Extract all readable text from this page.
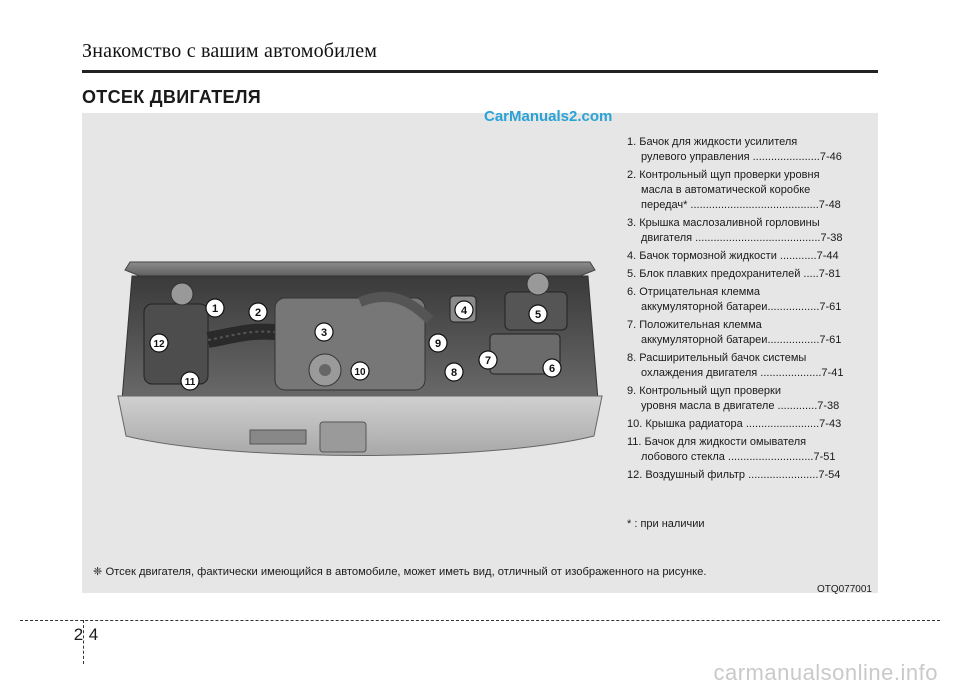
Знакомство с вашим автомобилем
ОТСЕК ДВИГАТЕЛЯ
CarManuals2.com
1	2
3
4	5
6
7
8
9
10
11
12
1. Бачок для жидкости усилителя
рулевого управления ......................7-46
2. Контрольный щуп проверки уровня
масла в автоматической коробке
передач* ..........................................7-48
3. Крышка маслозаливной горловины
двигателя .........................................7-38
4. Бачок тормозной жидкости ............7-44
5. Блок плавких предохранителей .....7-81
6. Отрицательная клемма
аккумуляторной батареи.................7-61
7. Положительная клемма
аккумуляторной батареи.................7-61
8. Расширительный бачок системы
охлаждения двигателя ....................7-41
9. Контрольный щуп проверки
уровня масла в двигателе .............7-38
10. Крышка радиатора ........................7-43
11. Бачок для жидкости омывателя
лобового стекла ............................7-51
12. Воздушный фильтр .......................7-54
* : при наличии
❈ Отсек двигателя, фактически имеющийся в автомобиле, может иметь вид, отличный от изображенного на рисунке.
OTQ077001
2 4
carmanualsonline.info
